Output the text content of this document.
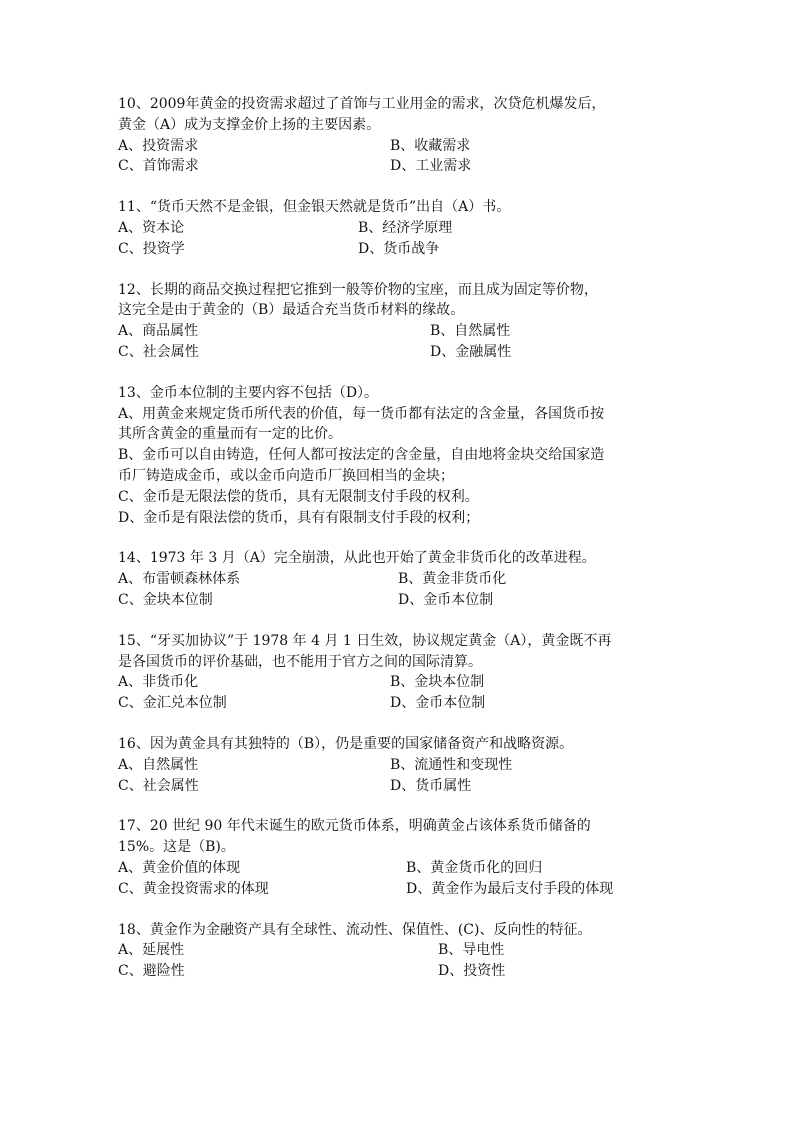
10、2009年黄金的投资需求超过了首饰与工业用金的需求，次贷危机爆发后，
黄金（A）成为支撑金价上扬的主要因素。
A、投资需求	B、收藏需求
C、首饰需求	D、工业需求
11、“货币天然不是金银，但金银天然就是货币”出自（A）书。
A、资本论	B、经济学原理
C、投资学	D、货币战争
12、长期的商品交换过程把它推到一般等价物的宝座，而且成为固定等价物，
这完全是由于黄金的（B）最适合充当货币材料的缘故。
A、商品属性	B、自然属性
C、社会属性	D、金融属性
13、金币本位制的主要内容不包括（D）。
A、用黄金来规定货币所代表的价值，每一货币都有法定的含金量，各国货币按
其所含黄金的重量而有一定的比价。
B、金币可以自由铸造，任何人都可按法定的含金量，自由地将金块交给国家造
币厂铸造成金币，或以金币向造币厂换回相当的金块；
C、金币是无限法偿的货币，具有无限制支付手段的权利。
D、金币是有限法偿的货币，具有有限制支付手段的权利；
14、1973 年 3 月（A）完全崩溃，从此也开始了黄金非货币化的改革进程。
A、布雷顿森林体系	B、黄金非货币化
C、金块本位制	D、金币本位制
15、“牙买加协议”于 1978 年 4 月 1 日生效，协议规定黄金（A），黄金既不再
是各国货币的评价基础，也不能用于官方之间的国际清算。
A、非货币化	B、金块本位制
C、金汇兑本位制	D、金币本位制
16、因为黄金具有其独特的（B），仍是重要的国家储备资产和战略资源。
A、自然属性	B、流通性和变现性
C、社会属性	D、货币属性
17、20 世纪 90 年代末诞生的欧元货币体系，明确黄金占该体系货币储备的
15%。这是（B)。
A、黄金价值的体现	B、黄金货币化的回归
C、黄金投资需求的体现	D、黄金作为最后支付手段的体现
18、黄金作为金融资产具有全球性、流动性、保值性、(C)、反向性的特征。
A、延展性	B、导电性
C、避险性	D、投资性
